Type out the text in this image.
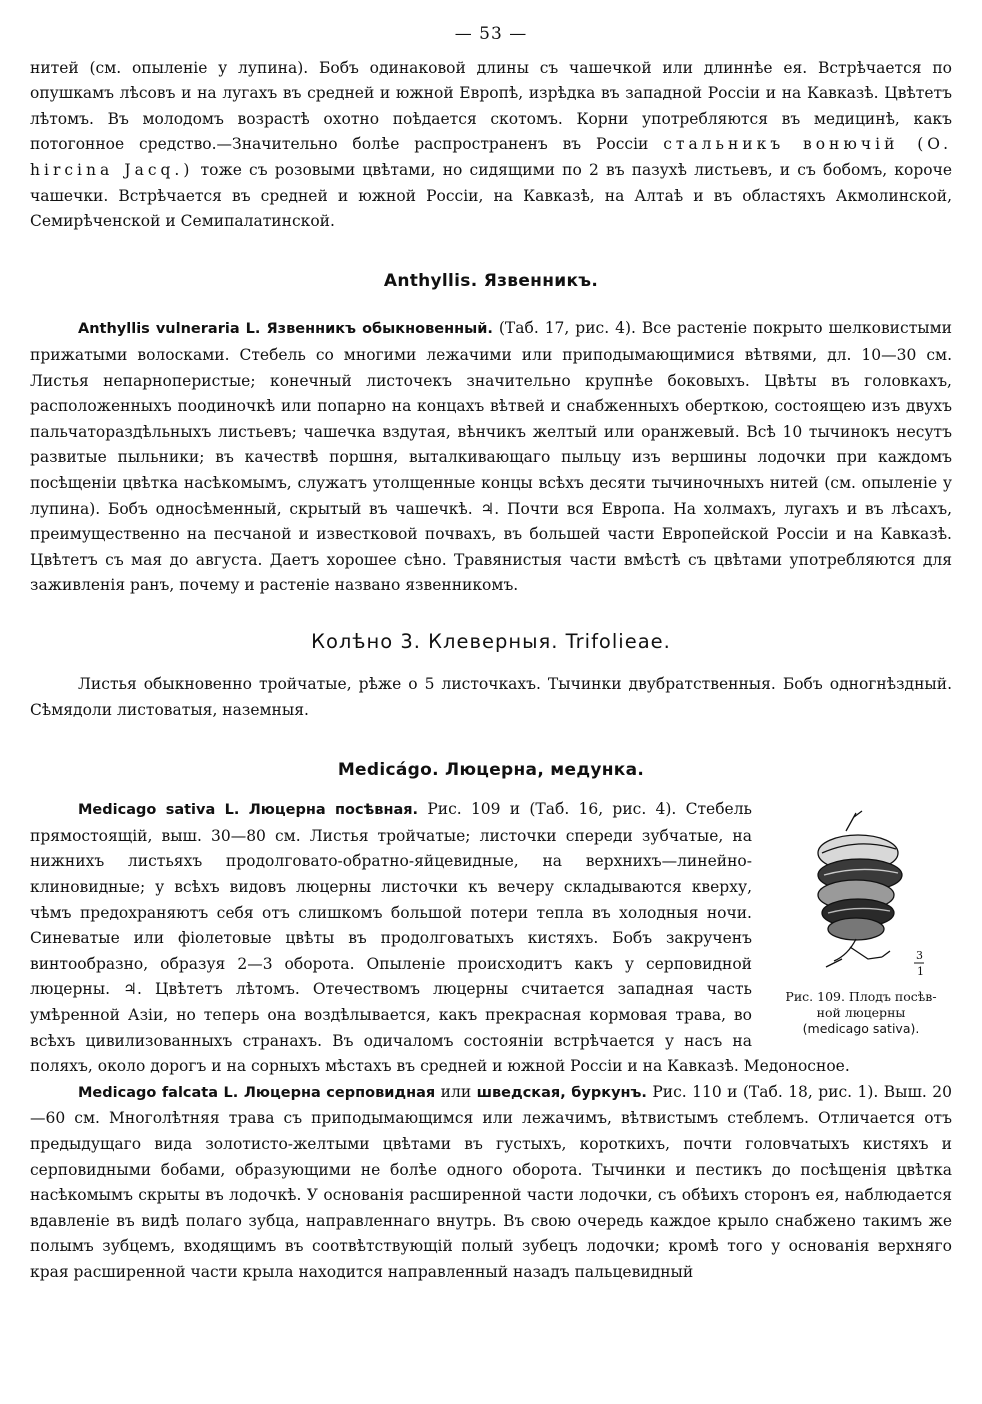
— 53 —

нитей (см. опыленіе у лупина). Бобъ одинаковой длины съ чашечкой или длиннѣе ея. Встрѣчается по опушкамъ лѣсовъ и на лугахъ въ средней и южной Европѣ, изрѣдка въ западной Россіи и на Кавказѣ. Цвѣтетъ лѣтомъ. Въ молодомъ возрастѣ охотно поѣдается скотомъ. Корни употребляются въ медицинѣ, какъ потогонное средство.—Значительно болѣе распространенъ въ Россіи стальникъ вонючій (O. hircina Jacq.) тоже съ розовыми цвѣтами, но сидящими по 2 въ пазухѣ листьевъ, и съ бобомъ, короче чашечки. Встрѣчается въ средней и южной Россіи, на Кавказѣ, на Алтаѣ и въ областяхъ Акмолинской, Семирѣченской и Семипалатинской.

Anthyllis. Язвенникъ.

Anthyllis vulneraria L. Язвенникъ обыкновенный. (Таб. 17, рис. 4). Все растеніе покрыто шелковистыми прижатыми волосками. Стебель со многими лежачими или приподымающимися вѣтвями, дл. 10—30 см. Листья непарноперистые; конечный листочекъ значительно крупнѣе боковыхъ. Цвѣты въ головкахъ, расположенныхъ поодиночкѣ или попарно на концахъ вѣтвей и снабженныхъ оберткою, состоящею изъ двухъ пальчатораздѣльныхъ листьевъ; чашечка вздутая, вѣнчикъ желтый или оранжевый. Всѣ 10 тычинокъ несутъ развитые пыльники; въ качествѣ поршня, выталкивающаго пыльцу изъ вершины лодочки при каждомъ посѣщеніи цвѣтка насѣкомымъ, служатъ утолщенные концы всѣхъ десяти тычиночныхъ нитей (см. опыленіе у лупина). Бобъ односѣменный, скрытый въ чашечкѣ. ♃. Почти вся Европа. На холмахъ, лугахъ и въ лѣсахъ, преимущественно на песчаной и известковой почвахъ, въ большей части Европейской Россіи и на Кавказѣ. Цвѣтетъ съ мая до августа. Даетъ хорошее сѣно. Травянистыя части вмѣстѣ съ цвѣтами употребляются для заживленія ранъ, почему и растеніе названо язвенникомъ.

Колѣно 3. Клеверныя. Trifolieae.

Листья обыкновенно тройчатые, рѣже о 5 листочкахъ. Тычинки двубратственныя. Бобъ одногнѣздный. Сѣмядоли листоватыя, наземныя.

Medicágo. Люцерна, медунка.
3
1
Рис. 109. Плодъ посѣв-
ной люцерны
(medicago sativa).

Medicago sativa L. Люцерна посѣвная. Рис. 109 и (Таб. 16, рис. 4). Стебель прямостоящій, выш. 30—80 см. Листья тройчатые; листочки спереди зубчатые, на нижнихъ листьяхъ продолговато-обратно-яйцевидные, на верхнихъ—линейно-клиновидные; у всѣхъ видовъ люцерны листочки къ вечеру складываются кверху, чѣмъ предохраняютъ себя отъ слишкомъ большой потери тепла въ холодныя ночи. Синеватые или фіолетовые цвѣты въ продолговатыхъ кистяхъ. Бобъ закрученъ винтообразно, образуя 2—3 оборота. Опыленіе происходитъ какъ у серповидной люцерны. ♃. Цвѣтетъ лѣтомъ. Отечествомъ люцерны считается западная часть умѣренной Азіи, но теперь она воздѣлывается, какъ прекрасная кормовая трава, во всѣхъ цивилизованныхъ странахъ. Въ одичаломъ состояніи встрѣчается у насъ на поляхъ, около дорогъ и на сорныхъ мѣстахъ въ средней и южной Россіи и на Кавказѣ. Медоносное.

Medicago falcata L. Люцерна серповидная или шведская, буркунъ. Рис. 110 и (Таб. 18, рис. 1). Выш. 20—60 см. Многолѣтняя трава съ приподымающимся или лежачимъ, вѣтвистымъ стеблемъ. Отличается отъ предыдущаго вида золотисто-желтыми цвѣтами въ густыхъ, короткихъ, почти головчатыхъ кистяхъ и серповидными бобами, образующими не болѣе одного оборота. Тычинки и пестикъ до посѣщенія цвѣтка насѣкомымъ скрыты въ лодочкѣ. У основанія расширенной части лодочки, съ обѣихъ сторонъ ея, наблюдается вдавленіе въ видѣ полаго зубца, направленнаго внутрь. Въ свою очередь каждое крыло снабжено такимъ же полымъ зубцемъ, входящимъ въ соотвѣтствующій полый зубецъ лодочки; кромѣ того у основанія верхняго края расширенной части крыла находится направленный назадъ пальцевидный
